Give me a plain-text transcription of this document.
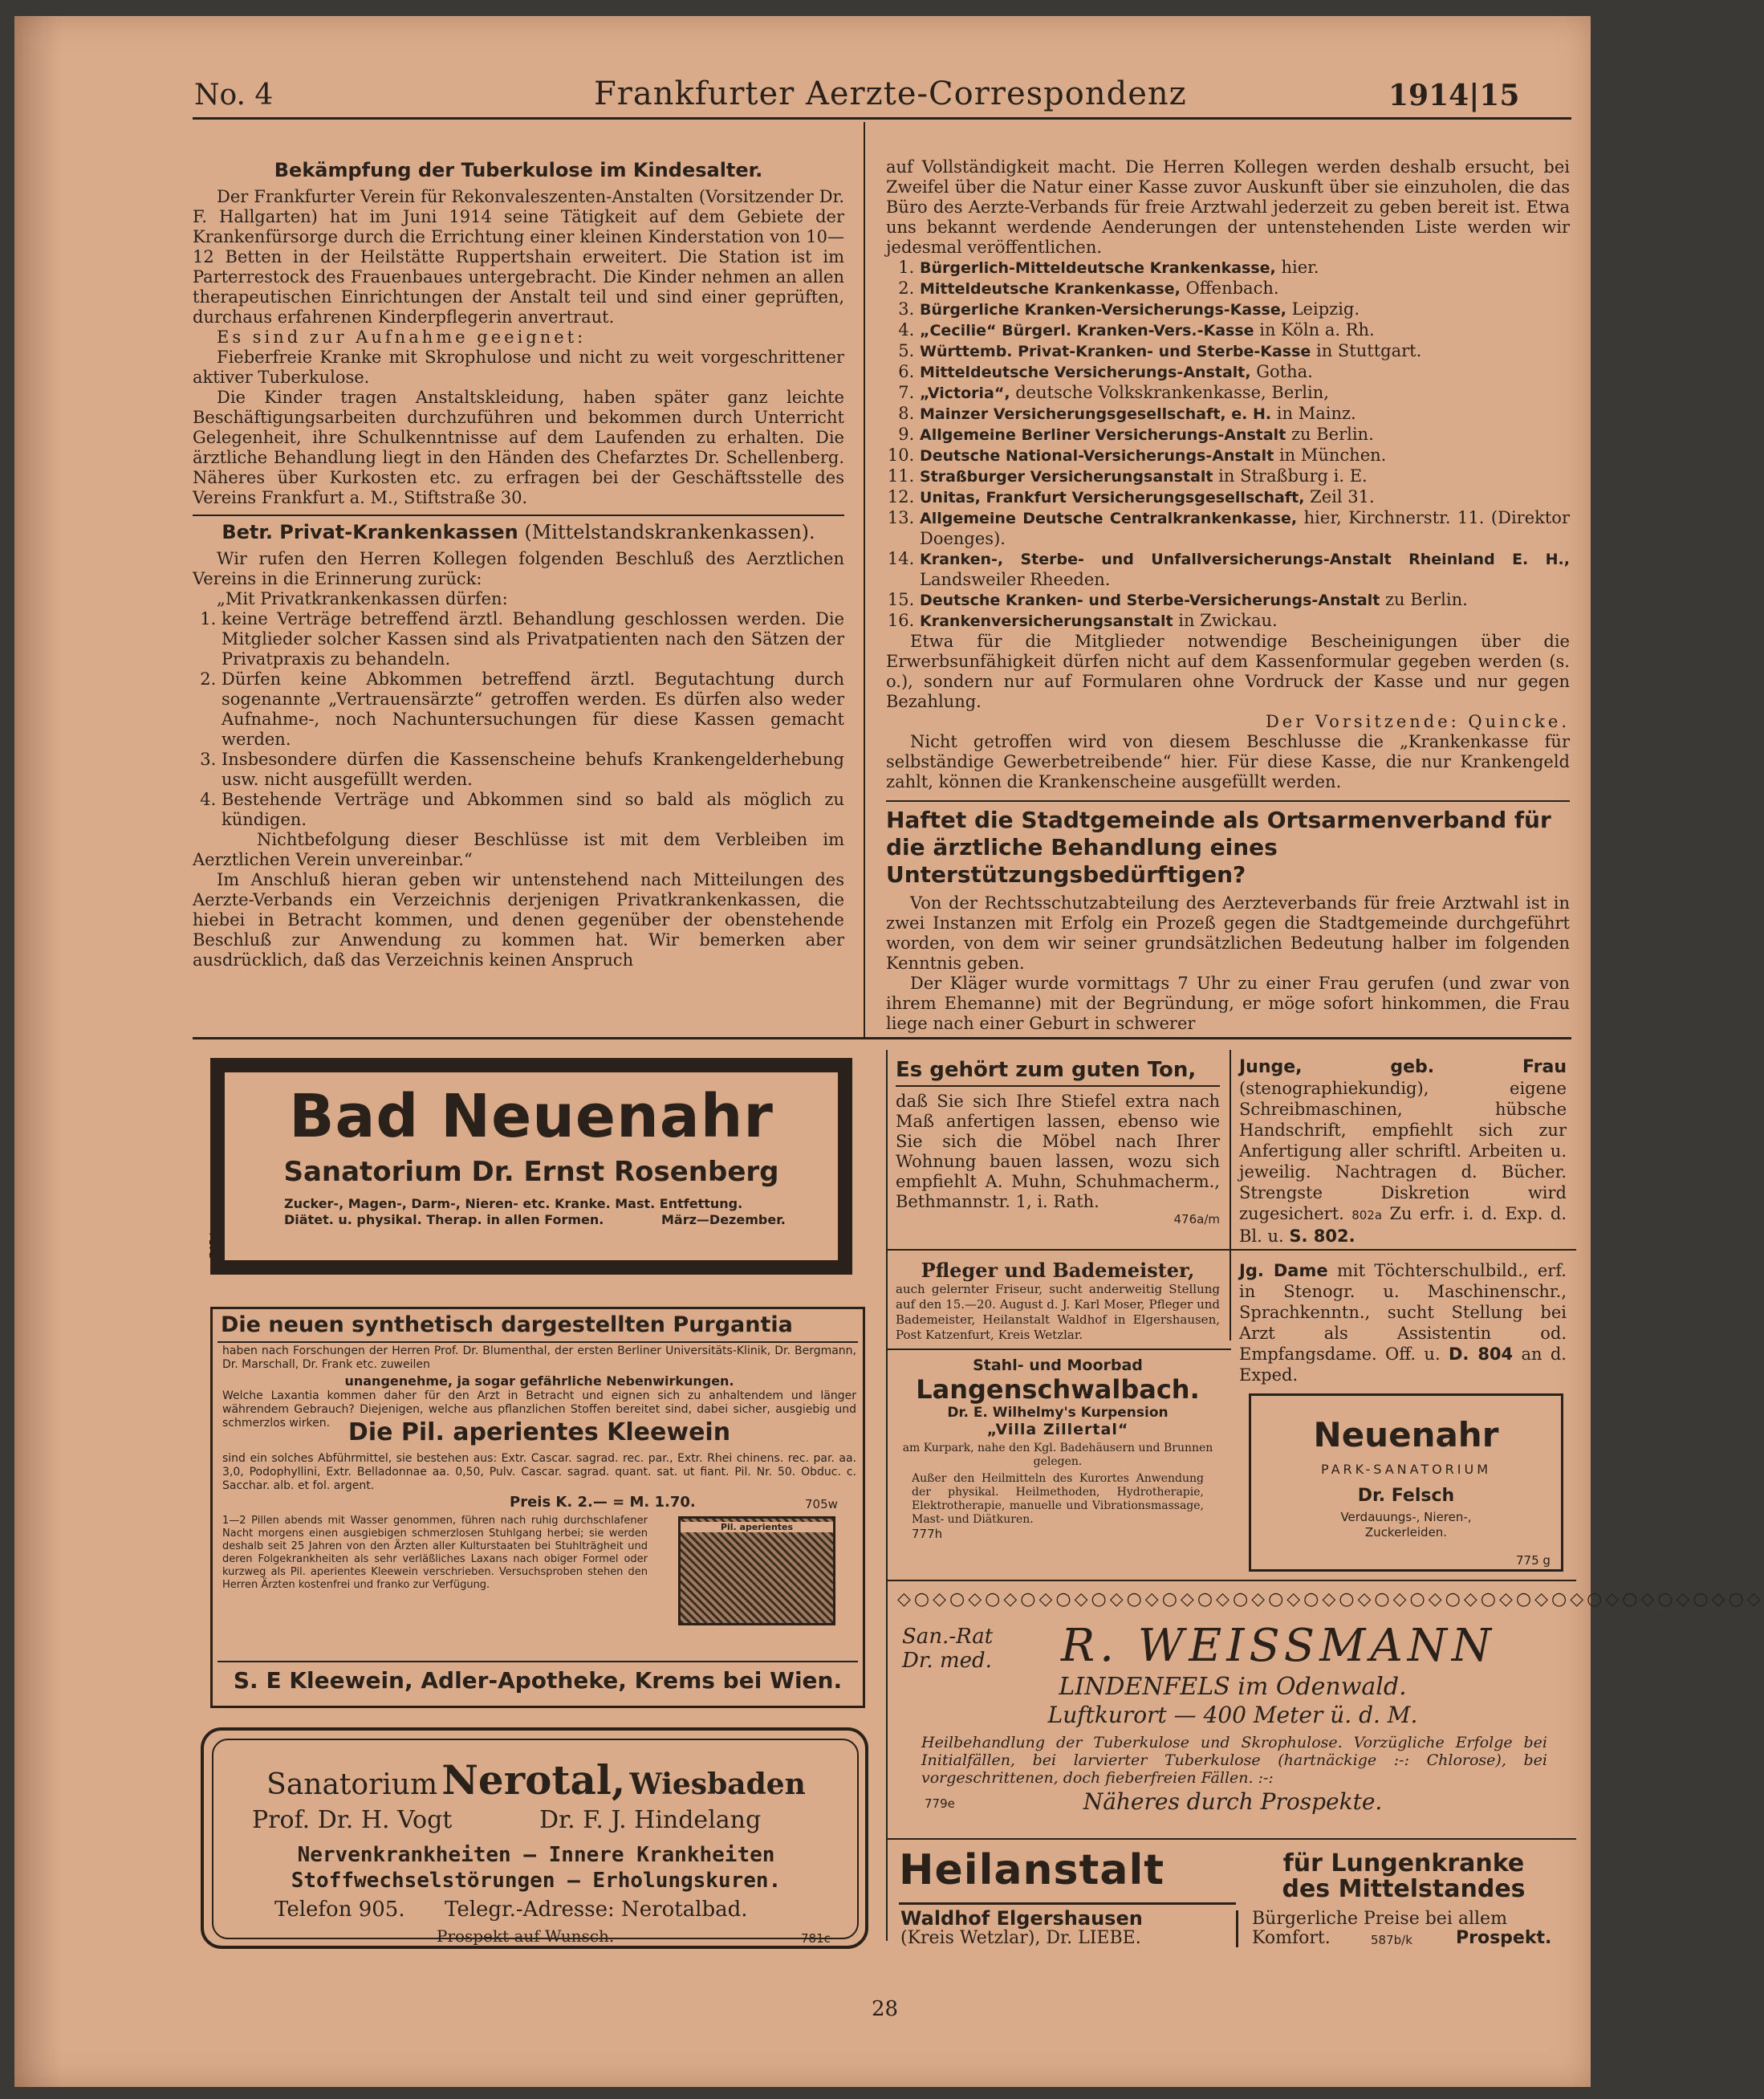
No. 4	Frankfurter Aerzte-Correspondenz	1914|15
Bekämpfung der Tuberkulose im Kindesalter.

Der Frankfurter Verein für Rekonvaleszenten-Anstalten (Vorsitzender Dr. F. Hallgarten) hat im Juni 1914 seine Tätigkeit auf dem Gebiete der Krankenfürsorge durch die Errichtung einer kleinen Kinderstation von 10—12 Betten in der Heilstätte Ruppertshain erweitert. Die Station ist im Parterrestock des Frauenbaues untergebracht. Die Kinder nehmen an allen therapeutischen Einrichtungen der Anstalt teil und sind einer geprüften, durchaus erfahrenen Kinderpflegerin anvertraut.

Es sind zur Aufnahme geeignet:

Fieberfreie Kranke mit Skrophulose und nicht zu weit vorgeschrittener aktiver Tuberkulose.

Die Kinder tragen Anstaltskleidung, haben später ganz leichte Beschäftigungsarbeiten durchzuführen und bekommen durch Unterricht Gelegenheit, ihre Schulkenntnisse auf dem Laufenden zu erhalten. Die ärztliche Behandlung liegt in den Händen des Chefarztes Dr. Schellenberg. Näheres über Kurkosten etc. zu erfragen bei der Geschäftsstelle des Vereins Frankfurt a. M., Stiftstraße 30.

Betr. Privat-Krankenkassen (Mittelstandskrankenkassen).

Wir rufen den Herren Kollegen folgenden Beschluß des Aerztlichen Vereins in die Erinnerung zurück:

„Mit Privatkrankenkassen dürfen:

1. keine Verträge betreffend ärztl. Behandlung geschlossen werden. Die Mitglieder solcher Kassen sind als Privatpatienten nach den Sätzen der Privatpraxis zu behandeln.
2. Dürfen keine Abkommen betreffend ärztl. Begutachtung durch sogenannte „Vertrauensärzte“ getroffen werden. Es dürfen also weder Aufnahme-, noch Nachuntersuchungen für diese Kassen gemacht werden.
3. Insbesondere dürfen die Kassenscheine behufs Krankengelderhebung usw. nicht ausgefüllt werden.
4. Bestehende Verträge und Abkommen sind so bald als möglich zu kündigen.

Nichtbefolgung dieser Beschlüsse ist mit dem Verbleiben im Aerztlichen Verein unvereinbar.“

Im Anschluß hieran geben wir untenstehend nach Mitteilungen des Aerzte-Verbands ein Verzeichnis derjenigen Privatkrankenkassen, die hiebei in Betracht kommen, und denen gegenüber der obenstehende Beschluß zur Anwendung zu kommen hat. Wir bemerken aber ausdrücklich, daß das Verzeichnis keinen Anspruch

auf Vollständigkeit macht. Die Herren Kollegen werden deshalb ersucht, bei Zweifel über die Natur einer Kasse zuvor Auskunft über sie einzuholen, die das Büro des Aerzte-Verbands für freie Arztwahl jederzeit zu geben bereit ist. Etwa uns bekannt werdende Aenderungen der untenstehenden Liste werden wir jedesmal veröffentlichen.

1. Bürgerlich-Mitteldeutsche Krankenkasse, hier.
2. Mitteldeutsche Krankenkasse, Offenbach.
3. Bürgerliche Kranken-Versicherungs-Kasse, Leipzig.
4. „Cecilie“ Bürgerl. Kranken-Vers.-Kasse in Köln a. Rh.
5. Württemb. Privat-Kranken- und Sterbe-Kasse in Stuttgart.
6. Mitteldeutsche Versicherungs-Anstalt, Gotha.
7. „Victoria“, deutsche Volkskrankenkasse, Berlin,
8. Mainzer Versicherungsgesellschaft, e. H. in Mainz.
9. Allgemeine Berliner Versicherungs-Anstalt zu Berlin.
10. Deutsche National-Versicherungs-Anstalt in München.
11. Straßburger Versicherungsanstalt in Straßburg i. E.
12. Unitas, Frankfurt Versicherungsgesellschaft, Zeil 31.
13. Allgemeine Deutsche Centralkrankenkasse, hier, Kirchnerstr. 11. (Direktor Doenges).
14. Kranken-, Sterbe- und Unfallversicherungs-Anstalt Rheinland E. H., Landsweiler Rheeden.
15. Deutsche Kranken- und Sterbe-Versicherungs-Anstalt zu Berlin.
16. Krankenversicherungsanstalt in Zwickau.

Etwa für die Mitglieder notwendige Bescheinigungen über die Erwerbsunfähigkeit dürfen nicht auf dem Kassenformular gegeben werden (s. o.), sondern nur auf Formularen ohne Vordruck der Kasse und nur gegen Bezahlung.

Der Vorsitzende: Quincke.

Nicht getroffen wird von diesem Beschlusse die „Krankenkasse für selbständige Gewerbetreibende“ hier. Für diese Kasse, die nur Krankengeld zahlt, können die Krankenscheine ausgefüllt werden.

Haftet die Stadtgemeinde als Ortsarmenverband für die ärztliche Behandlung eines Unterstützungsbedürftigen?

Von der Rechtsschutzabteilung des Aerzteverbands für freie Arztwahl ist in zwei Instanzen mit Erfolg ein Prozeß gegen die Stadtgemeinde durchgeführt worden, von dem wir seiner grundsätzlichen Bedeutung halber im folgenden Kenntnis geben.

Der Kläger wurde vormittags 7 Uhr zu einer Frau gerufen (und zwar von ihrem Ehemanne) mit der Begründung, er möge sofort hinkommen, die Frau liege nach einer Geburt in schwerer

Bad Neuenahr
Sanatorium Dr. Ernst Rosenberg
Zucker-, Magen-, Darm-, Nieren- etc. Kranke. Mast. Entfettung.
Diätet. u. physikal. Therap. in allen Formen.	März—Dezember.
745 h
Die neuen synthetisch dargestellten Purgantia
haben nach Forschungen der Herren Prof. Dr. Blumenthal, der ersten Berliner Universitäts-Klinik, Dr. Bergmann, Dr. Marschall, Dr. Frank etc. zuweilen
unangenehme, ja sogar gefährliche Nebenwirkungen.
Welche Laxantia kommen daher für den Arzt in Betracht und eignen sich zu anhaltendem und länger währendem Gebrauch? Diejenigen, welche aus pflanzlichen Stoffen bereitet sind, dabei sicher, ausgiebig und schmerzlos wirken. Die Pil. aperientes Kleewein
sind ein solches Abführmittel, sie bestehen aus: Extr. Cascar. sagrad. rec. par., Extr. Rhei chinens. rec. par. aa. 3,0, Podophyllini, Extr. Belladonnae aa. 0,50, Pulv. Cascar. sagrad. quant. sat. ut fiant. Pil. Nr. 50. Obduc. c. Sacchar. alb. et fol. argent.
Preis K. 2.— = M. 1.70.	705w
1—2 Pillen abends mit Wasser genommen, führen nach ruhig durchschlafener Nacht morgens einen ausgiebigen schmerzlosen Stuhlgang herbei; sie werden deshalb seit 25 Jahren von den Ärzten aller Kulturstaaten bei Stuhlträgheit und deren Folgekrankheiten als sehr verläßliches Laxans nach obiger Formel oder kurzweg als Pil. aperientes Kleewein verschrieben. Versuchsproben stehen den Herren Ärzten kostenfrei und franko zur Verfügung.
Pil. aperientes
S. E Kleewein, Adler-Apotheke, Krems bei Wien.
Sanatorium Nerotal, Wiesbaden
Prof. Dr. H. Vogt	Dr. F. J. Hindelang
Nervenkrankheiten — Innere Krankheiten
Stoffwechselstörungen — Erholungskuren.
Telefon 905. Telegr.-Adresse: Nerotalbad.
Prospekt auf Wunsch.	781c
Es gehört zum guten Ton,
daß Sie sich Ihre Stiefel extra nach Maß anfertigen lassen, ebenso wie Sie sich die Möbel nach Ihrer Wohnung bauen lassen, wozu sich empfiehlt A. Muhn, Schuhmacherm., Bethmannstr. 1, i. Rath.
476a/m
Junge, geb. Frau (stenographiekundig), eigene Schreibmaschinen, hübsche Handschrift, empfiehlt sich zur Anfertigung aller schriftl. Arbeiten u. jeweilig. Nachtragen d. Bücher. Strengste Diskretion wird zugesichert. 802a Zu erfr. i. d. Exp. d. Bl. u. S. 802.
Pfleger und Bademeister,
auch gelernter Friseur, sucht anderweitig Stellung auf den 15.—20. August d. J. Karl Moser, Pfleger und Bademeister, Heilanstalt Waldhof in Elgershausen, Post Katzenfurt, Kreis Wetzlar.
Jg. Dame mit Töchterschulbild., erf. in Stenogr. u. Maschinenschr., Sprachkenntn., sucht Stellung bei Arzt als Assistentin od. Empfangsdame. Off. u. D. 804 an d. Exped.
Stahl- und Moorbad
Langenschwalbach.
Dr. E. Wilhelmy's Kurpension
„Villa Zillertal“
am Kurpark, nahe den Kgl. Badehäusern und Brunnen gelegen.
Außer den Heilmitteln des Kurortes Anwendung der physikal. Heilmethoden, Hydrotherapie, Elektrotherapie, manuelle und Vibrationsmassage, Mast- und Diätkuren.
777h
Neuenahr
PARK-SANATORIUM
Dr. Felsch
Verdauungs-, Nieren-, Zuckerleiden.
775 g
◇○◇○◇○◇○◇○◇○◇○◇○◇○◇○◇○◇○◇○◇○◇○◇○◇○◇○◇○◇○◇○◇○◇○◇○◇
San.-Rat
Dr. med. R. WEISSMANN
LINDENFELS im Odenwald.
Luftkurort — 400 Meter ü. d. M.
Heilbehandlung der Tuberkulose und Skrophulose. Vorzügliche Erfolge bei Initialfällen, bei larvierter Tuberkulose (hartnäckige :-: Chlorose), bei vorgeschrittenen, doch fieberfreien Fällen. :-:
779e	Näheres durch Prospekte.
Heilanstalt	für Lungenkranke
des Mittelstandes
Waldhof Elgershausen
(Kreis Wetzlar), Dr. LIEBE.
Bürgerliche Preise bei allem
Komfort.	587b/k Prospekt.
28
